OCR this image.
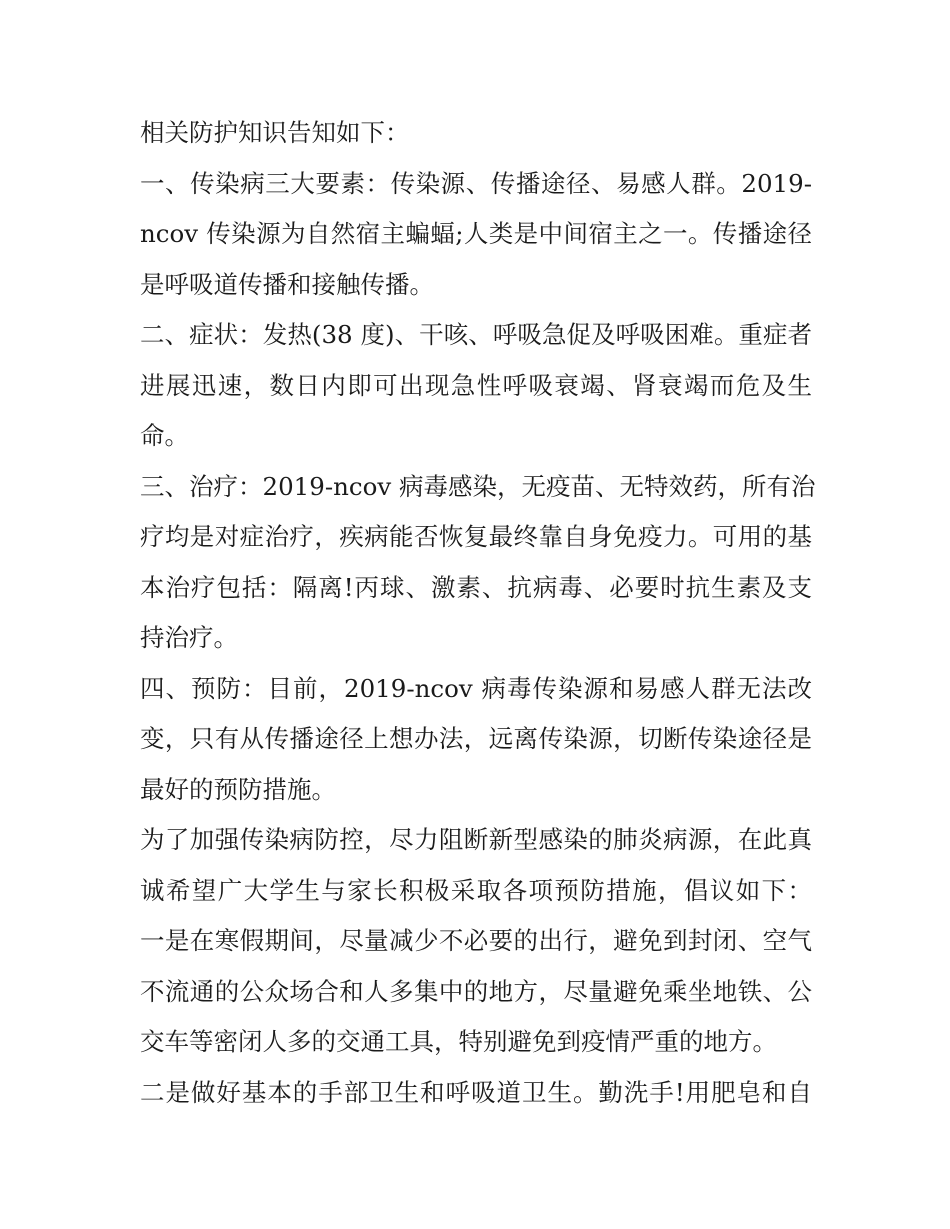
相关防护知识告知如下：
一、传染病三大要素：传染源、传播途径、易感人群。2019-
ncov 传染源为自然宿主蝙蝠;人类是中间宿主之一。传播途径
是呼吸道传播和接触传播。
二、症状：发热(38 度)、干咳、呼吸急促及呼吸困难。重症者
进展迅速，数日内即可出现急性呼吸衰竭、肾衰竭而危及生
命。
三、治疗：2019-ncov 病毒感染，无疫苗、无特效药，所有治
疗均是对症治疗，疾病能否恢复最终靠自身免疫力。可用的基
本治疗包括：隔离!丙球、激素、抗病毒、必要时抗生素及支
持治疗。
四、预防：目前，2019-ncov 病毒传染源和易感人群无法改
变，只有从传播途径上想办法，远离传染源，切断传染途径是
最好的预防措施。
为了加强传染病防控，尽力阻断新型感染的肺炎病源，在此真
诚希望广大学生与家长积极采取各项预防措施，倡议如下：
一是在寒假期间，尽量减少不必要的出行，避免到封闭、空气
不流通的公众场合和人多集中的地方，尽量避免乘坐地铁、公
交车等密闭人多的交通工具，特别避免到疫情严重的地方。
二是做好基本的手部卫生和呼吸道卫生。勤洗手!用肥皂和自
